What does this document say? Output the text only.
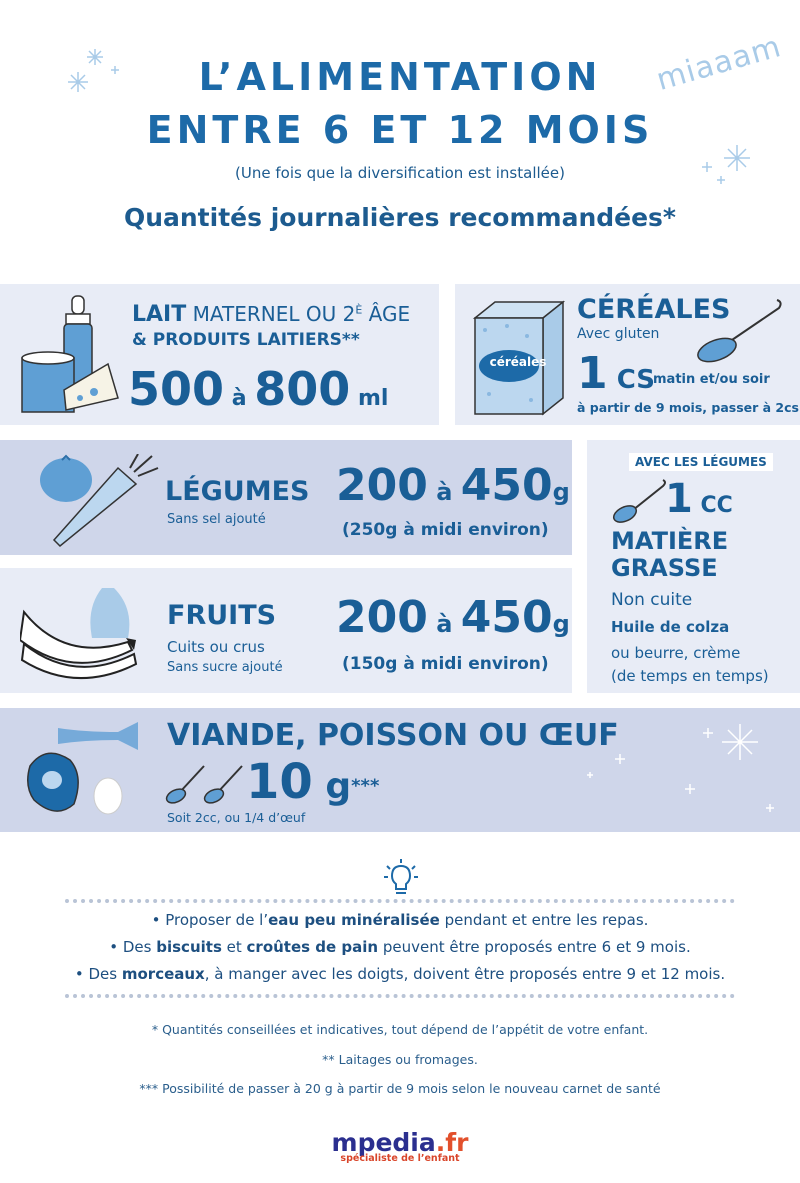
L’ALIMENTATION
ENTRE 6 ET 12 MOIS
miaaam
(Une fois que la diversification est installée)
Quantités journalières recommandées*
LAIT MATERNEL OU $2^È$ ÂGE
& PRODUITS LAITIERS**
500 à 800 ml
céréales
CÉRÉALES
Avec gluten
1 CS
matin et/ou soir
à partir de 9 mois, passer à 2cs
LÉGUMES
Sans sel ajouté
200 à 450g
(250g à midi environ)
FRUITS
Cuits ou crus
Sans sucre ajouté
200 à 450g
(150g à midi environ)
AVEC LES LÉGUMES
1 CC
MATIÈRE
GRASSE
Non cuite
Huile de colza
ou beurre, crème
(de temps en temps)
VIANDE, POISSON OU ŒUF
10 g***
Soit 2cc, ou 1/4 d’œuf
• Proposer de l’eau peu minéralisée pendant et entre les repas.
• Des biscuits et croûtes de pain peuvent être proposés entre 6 et 9 mois.
• Des morceaux, à manger avec les doigts, doivent être proposés entre 9 et 12 mois.
* Quantités conseillées et indicatives, tout dépend de l’appétit de votre enfant.
** Laitages ou fromages.
*** Possibilité de passer à 20 g à partir de 9 mois selon le nouveau carnet de santé
mpedia.fr
spécialiste de l’enfant
